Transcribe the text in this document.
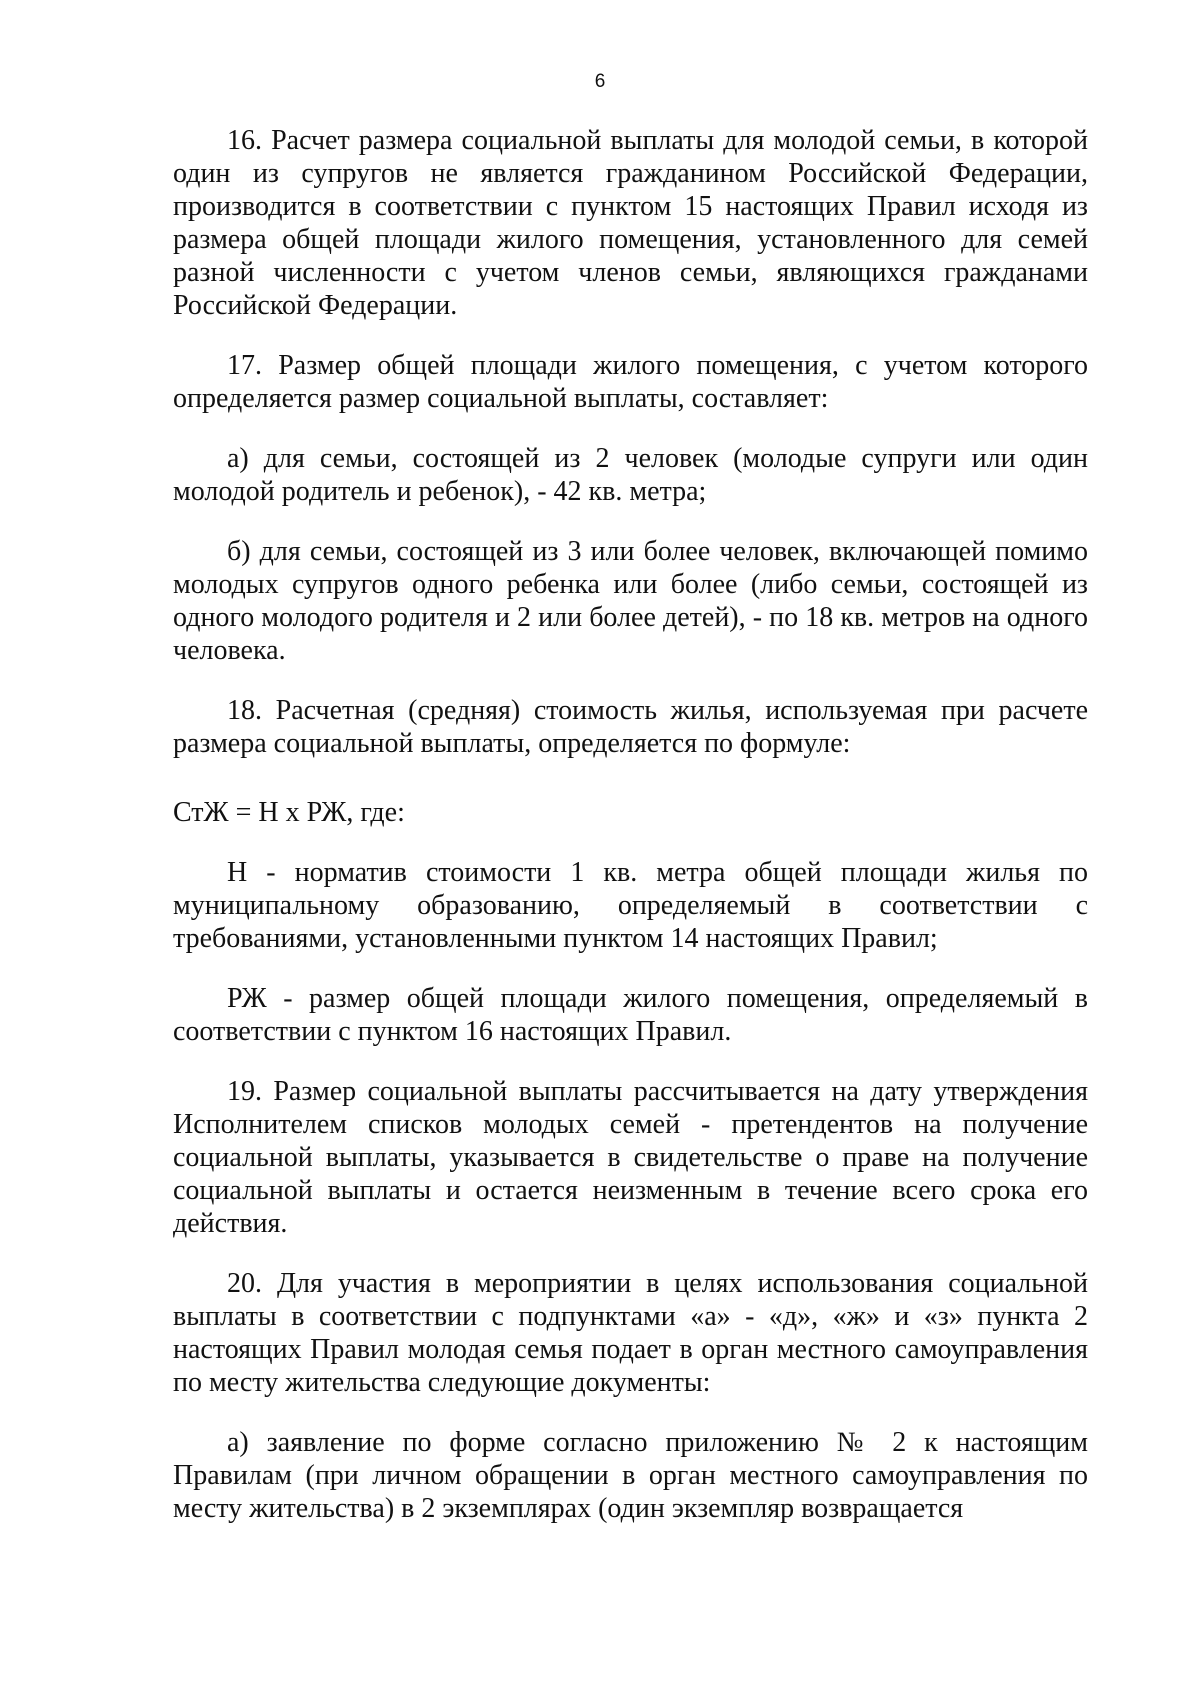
6

16. Расчет размера социальной выплаты для молодой семьи, в которой один из супругов не является гражданином Российской Федерации, производится в соответствии с пунктом 15 настоящих Правил исходя из размера общей площади жилого помещения, установленного для семей разной численности с учетом членов семьи, являющихся гражданами Российской Федерации.

17. Размер общей площади жилого помещения, с учетом которого определяется размер социальной выплаты, составляет:

а) для семьи, состоящей из 2 человек (молодые супруги или один молодой родитель и ребенок), - 42 кв. метра;

б) для семьи, состоящей из 3 или более человек, включающей помимо молодых супругов одного ребенка или более (либо семьи, состоящей из одного молодого родителя и 2 или более детей), - по 18 кв. метров на одного человека.

18. Расчетная (средняя) стоимость жилья, используемая при расчете размера социальной выплаты, определяется по формуле:

СтЖ = Н х РЖ, где:

Н - норматив стоимости 1 кв. метра общей площади жилья по муниципальному образованию, определяемый в соответствии с требованиями, установленными пунктом 14 настоящих Правил;

РЖ - размер общей площади жилого помещения, определяемый в соответствии с пунктом 16 настоящих Правил.

19. Размер социальной выплаты рассчитывается на дату утверждения Исполнителем списков молодых семей - претендентов на получение социальной выплаты, указывается в свидетельстве о праве на получение социальной выплаты и остается неизменным в течение всего срока его действия.

20. Для участия в мероприятии в целях использования социальной выплаты в соответствии с подпунктами «а» - «д», «ж» и «з» пункта 2 настоящих Правил молодая семья подает в орган местного самоуправления по месту жительства следующие документы:

а) заявление по форме согласно приложению № 2 к настоящим Правилам (при личном обращении в орган местного самоуправления по месту жительства) в 2 экземплярах (один экземпляр возвращается
